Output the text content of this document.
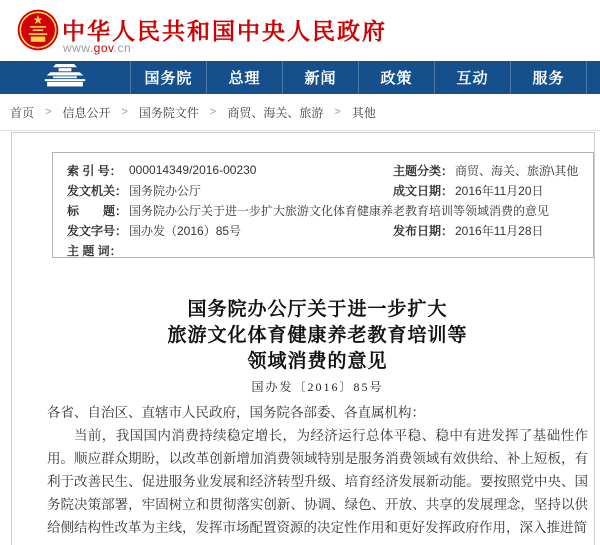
中华人民共和国中央人民政府
www.gov.cn
国务院	总理	新闻	政策	互动	服务
首页 > 信息公开 > 国务院文件 > 商贸、海关、旅游 > 其他
索 引 号： 000014349/2016-00230	主题分类： 商贸、海关、旅游\其他
发文机关： 国务院办公厅	成文日期： 2016年11月20日
标　　题： 国务院办公厅关于进一步扩大旅游文化体育健康养老教育培训等领域消费的意见
发文字号： 国办发（2016）85号	发布日期： 2016年11月28日
主 题 词：
国务院办公厅关于进一步扩大
旅游文化体育健康养老教育培训等
领域消费的意见
国办发〔2016〕85号

各省、自治区、直辖市人民政府，国务院各部委、各直属机构：

当前，我国国内消费持续稳定增长，为经济运行总体平稳、稳中有进发挥了基础性作用。顺应群众期盼，以改革创新增加消费领域特别是服务消费领域有效供给、补上短板，有利于改善民生、促进服务业发展和经济转型升级、培育经济发展新动能。要按照党中央、国务院决策部署，牢固树立和贯彻落实创新、协调、绿色、开放、共享的发展理念，坚持以供给侧结构性改革为主线，发挥市场配置资源的决定性作用和更好发挥政府作用，深入推进简
